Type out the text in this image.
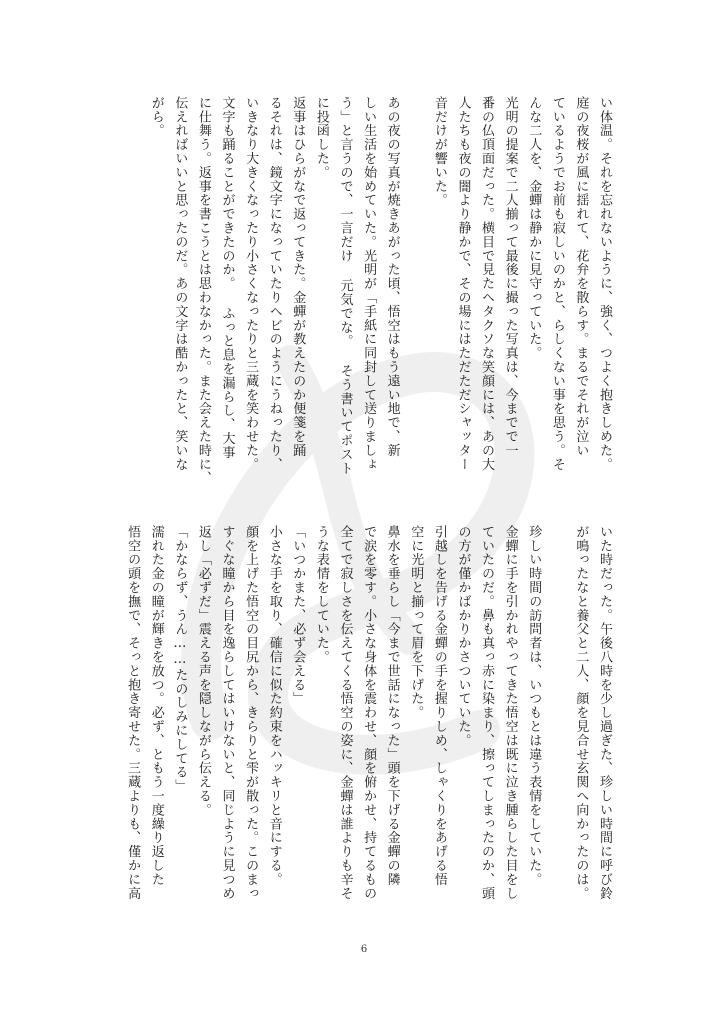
い体温。それを忘れないように、強く、つよく抱きしめた。
庭の夜桜が風に揺れて、花弁を散らす。まるでそれが泣い
ているようでお前も寂しいのかと、らしくない事を思う。そ
んな二人を、金蟬は静かに見守っていた。
光明の提案で二人揃って最後に撮った写真は、今までで一
番の仏頂面だった。横目で見たヘタクソな笑顔には、あの大
人たちも夜の闇より静かで、その場にはただただシャッター
音だけが響いた。
あの夜の写真が焼きあがった頃、悟空はもう遠い地で、新
しい生活を始めていた。光明が「手紙に同封して送りましょ
う」と言うので、一言だけ 元気でな。 そう書いてポスト
に投函した。
返事はひらがなで返ってきた。金蟬が教えたのか便箋を踊
るそれは、鏡文字になっていたりヘビのようにうねったり、
いきなり大きくなったり小さくなったりと三蔵を笑わせた。
文字も踊ることができたのか。 ふっと息を漏らし、大事
に仕舞う。返事を書こうとは思わなかった。また会えた時に、
伝えればいいと思ったのだ。あの文字は酷かったと、笑いな
がら。
いた時だった。午後八時を少し過ぎた、珍しい時間に呼び鈴
が鳴ったなと養父と二人、顔を見合せ玄関へ向かったのは。
珍しい時間の訪問者は、いつもとは違う表情をしていた。
金蟬に手を引かれやってきた悟空は既に泣き腫らした目をし
ていたのだ。鼻も真っ赤に染まり、擦ってしまったのか、頭
の方が僅かばかりかさついていた。
引越しを告げる金蟬の手を握りしめ、しゃくりをあげる悟
空に光明と揃って眉を下げた。
鼻水を垂らし「今まで世話になった」頭を下げる金蟬の隣
で涙を零す。小さな身体を震わせ、顔を俯かせ、持てるもの
全てで寂しさを伝えてくる悟空の姿に、金蟬は誰よりも辛そ
うな表情をしていた。
「いつかまた、必ず会える」
小さな手を取り、確信に似た約束をハッキリと音にする。
顔を上げた悟空の目尻から、きらりと雫が散った。このまっ
すぐな瞳から目を逸らしてはいけないと、同じように見つめ
返し「必ずだ」震える声を隠しながら伝える。
「かならず、うん……たのしみにしてる」
濡れた金の瞳が輝きを放つ。必ず、ともう一度繰り返した
悟空の頭を撫で、そっと抱き寄せた。三蔵よりも、僅かに高
6
